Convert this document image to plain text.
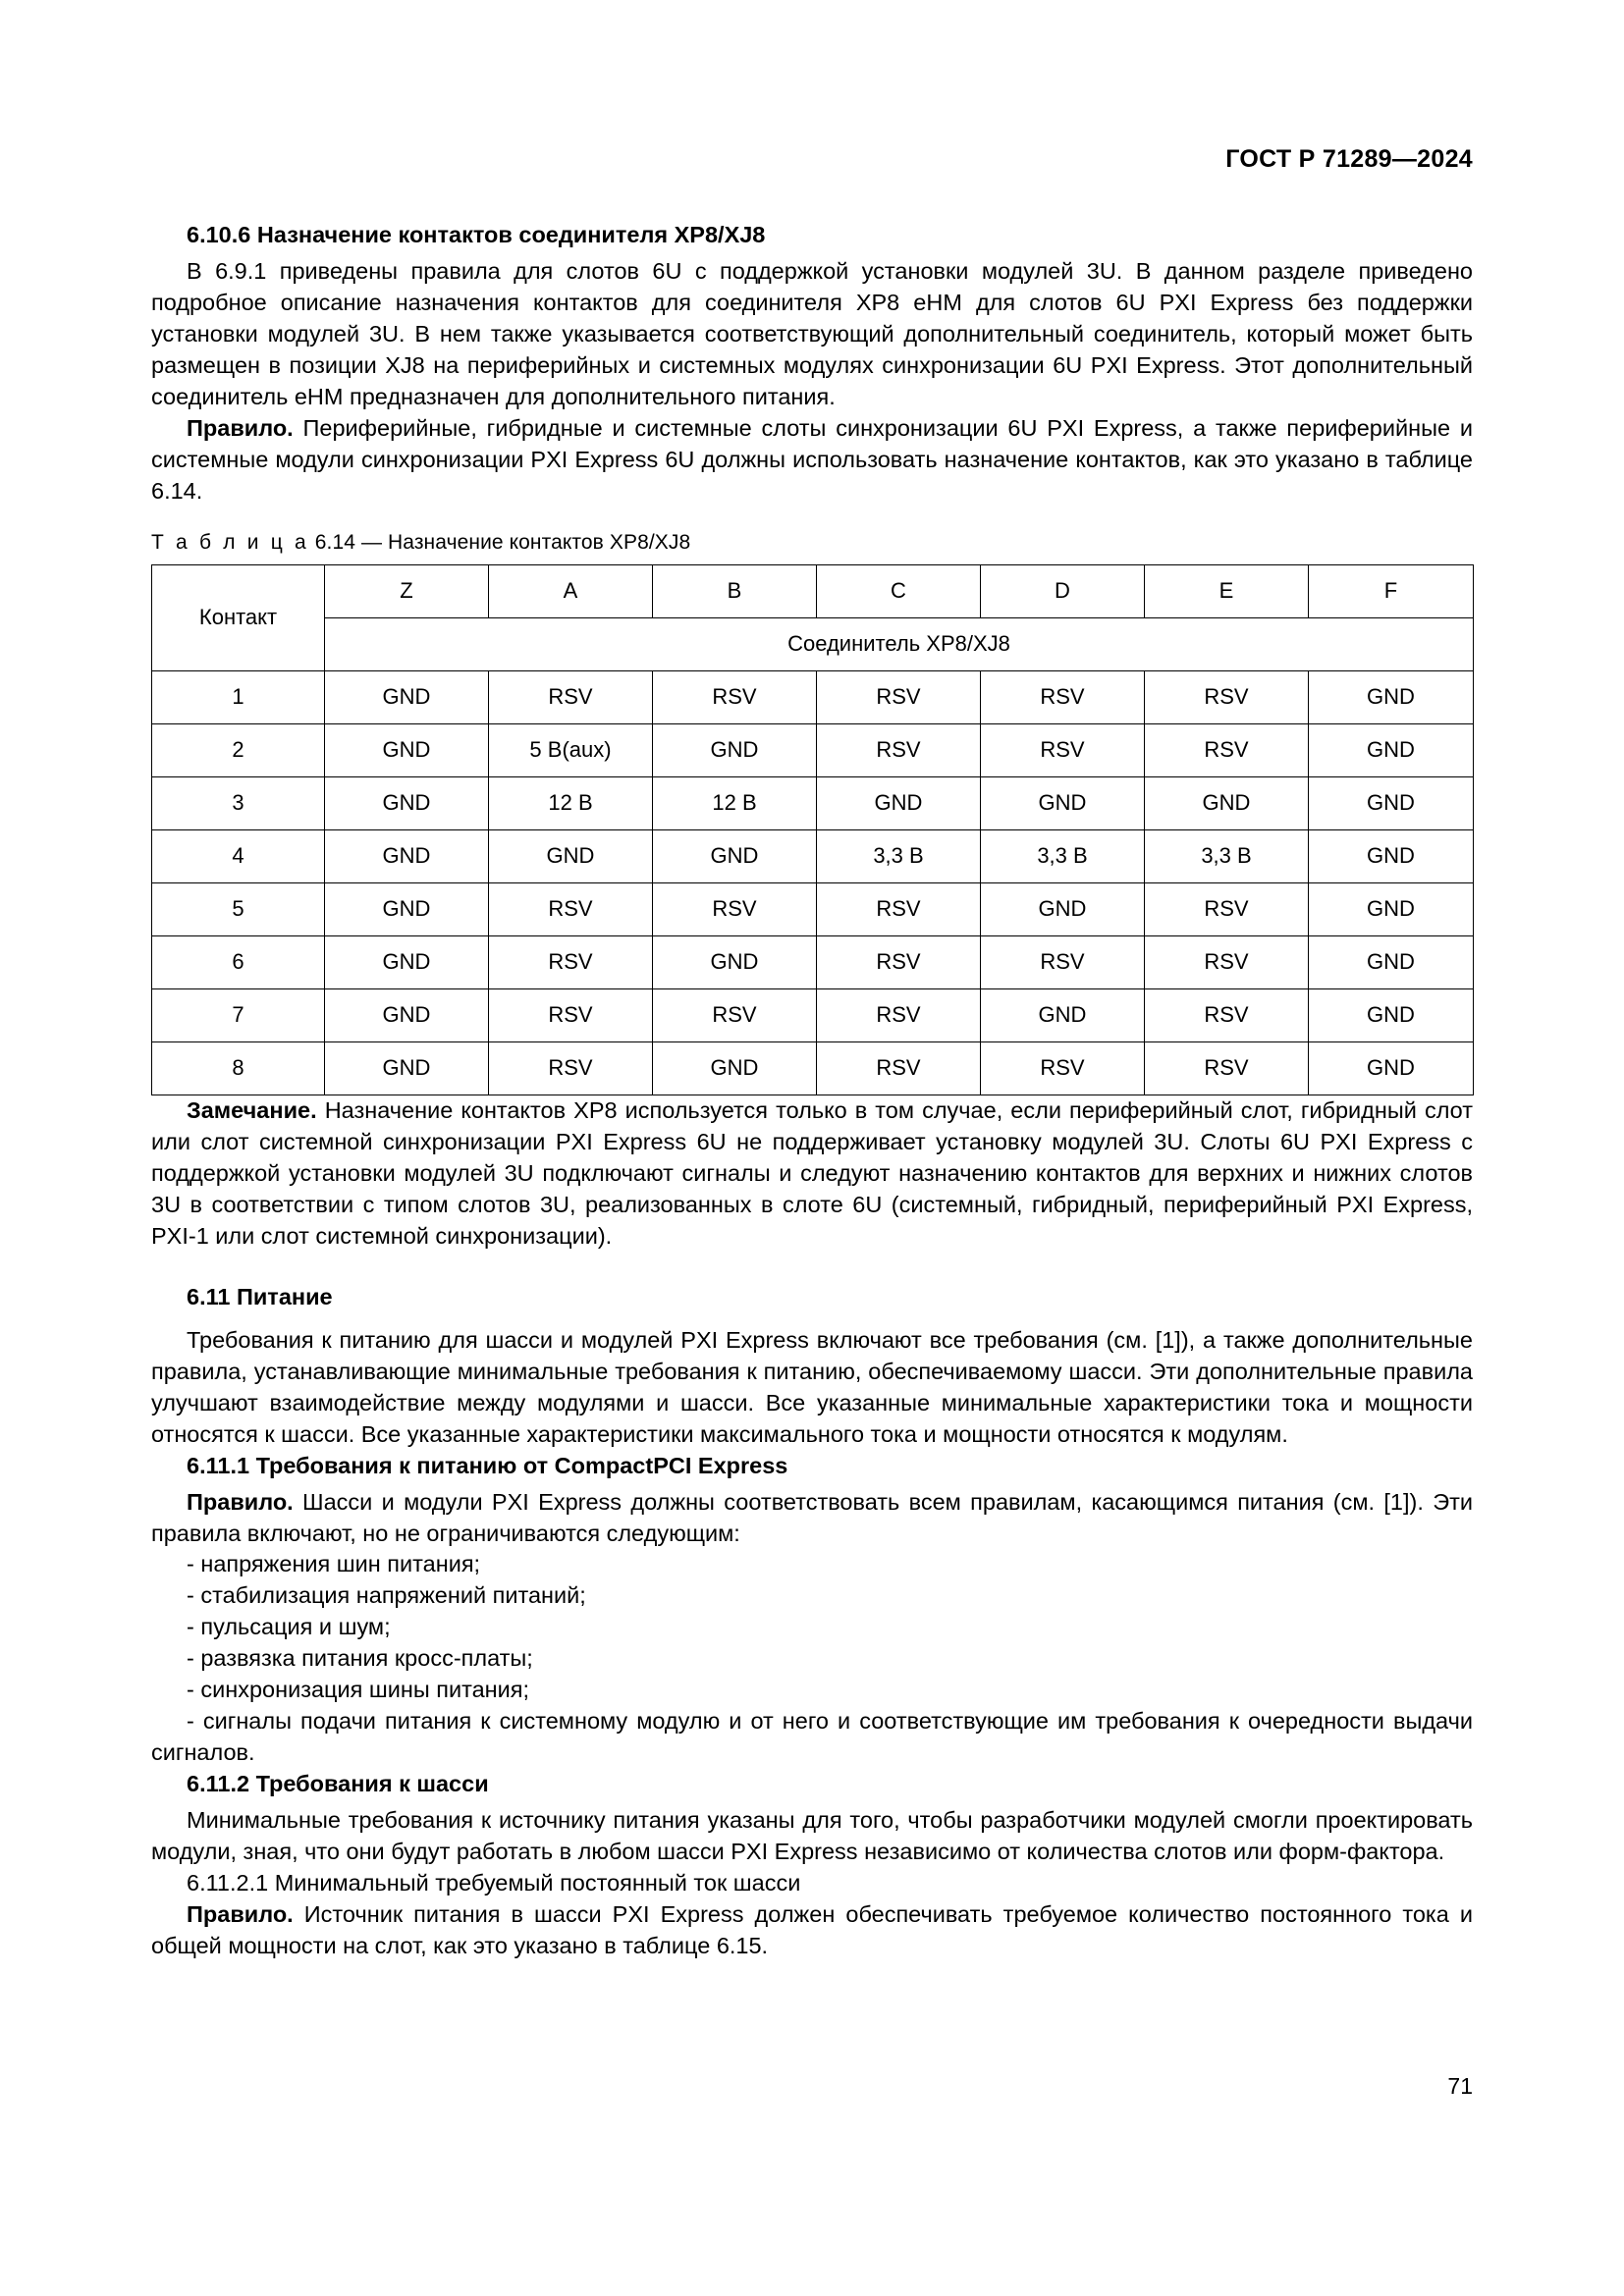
ГОСТ Р 71289—2024
6.10.6 Назначение контактов соединителя XP8/XJ8

В 6.9.1 приведены правила для слотов 6U с поддержкой установки модулей 3U. В данном разделе приведено подробное описание назначения контактов для соединителя XP8 eHM для слотов 6U PXI Express без поддержки установки модулей 3U. В нем также указывается соответствующий дополнительный соединитель, который может быть размещен в позиции XJ8 на периферийных и системных модулях синхронизации 6U PXI Express. Этот дополнительный соединитель eHM предназначен для дополнительного питания.

Правило. Периферийные, гибридные и системные слоты синхронизации 6U PXI Express, а также периферийные и системные модули синхронизации PXI Express 6U должны использовать назначение контактов, как это указано в таблице 6.14.

Т а б л и ц а 6.14 — Назначение контактов XP8/XJ8
Контакт	Z	A	B	C	D	E	F
	Соединитель XP8/XJ8						
1	GND	RSV	RSV	RSV	RSV	RSV	GND
2	GND	5 В(aux)	GND	RSV	RSV	RSV	GND
3	GND	12 В	12 В	GND	GND	GND	GND
4	GND	GND	GND	3,3 В	3,3 В	3,3 В	GND
5	GND	RSV	RSV	RSV	GND	RSV	GND
6	GND	RSV	GND	RSV	RSV	RSV	GND
7	GND	RSV	RSV	RSV	GND	RSV	GND
8	GND	RSV	GND	RSV	RSV	RSV	GND

Замечание. Назначение контактов XP8 используется только в том случае, если периферийный слот, гибридный слот или слот системной синхронизации PXI Express 6U не поддерживает установку модулей 3U. Слоты 6U PXI Express с поддержкой установки модулей 3U подключают сигналы и следуют назначению контактов для верхних и нижних слотов 3U в соответствии с типом слотов 3U, реализованных в слоте 6U (системный, гибридный, периферийный PXI Express, PXI-1 или слот системной синхронизации).

6.11 Питание

Требования к питанию для шасси и модулей PXI Express включают все требования (см. [1]), а также дополнительные правила, устанавливающие минимальные требования к питанию, обеспечиваемому шасси. Эти дополнительные правила улучшают взаимодействие между модулями и шасси. Все указанные минимальные характеристики тока и мощности относятся к шасси. Все указанные характеристики максимального тока и мощности относятся к модулям.

6.11.1 Требования к питанию от CompactPCI Express

Правило. Шасси и модули PXI Express должны соответствовать всем правилам, касающимся питания (см. [1]). Эти правила включают, но не ограничиваются следующим:

- напряжения шин питания;
- стабилизация напряжений питаний;
- пульсация и шум;
- развязка питания кросс-платы;
- синхронизация шины питания;

- сигналы подачи питания к системному модулю и от него и соответствующие им требования к очередности выдачи сигналов.

6.11.2 Требования к шасси

Минимальные требования к источнику питания указаны для того, чтобы разработчики модулей смогли проектировать модули, зная, что они будут работать в любом шасси PXI Express независимо от количества слотов или форм-фактора.

6.11.2.1 Минимальный требуемый постоянный ток шасси

Правило. Источник питания в шасси PXI Express должен обеспечивать требуемое количество постоянного тока и общей мощности на слот, как это указано в таблице 6.15.

71
